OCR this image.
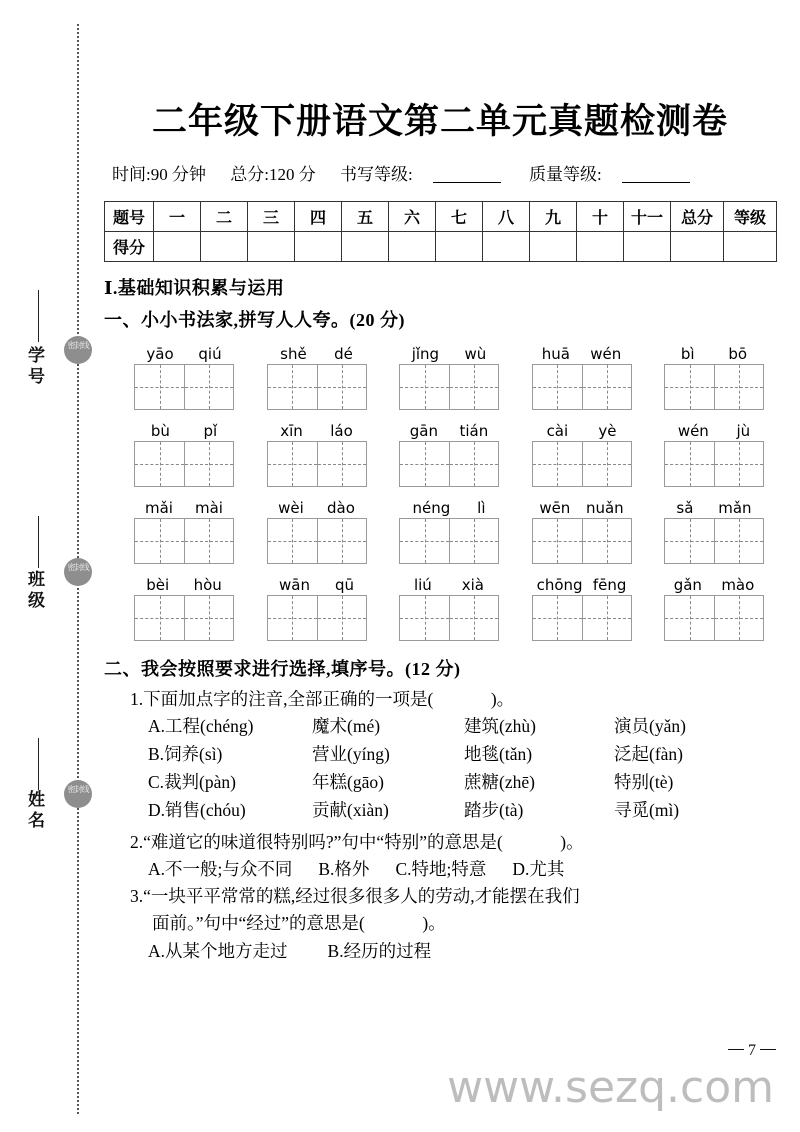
密封线
密封线
密封线
学号
班级
姓名
二年级下册语文第二单元真题检测卷
时间:90 分钟 总分:120 分 书写等级:	质量等级:
题号	一	二	三	四	五	六	七	八	九	十	十一	总分	等级
得分													
Ⅰ.基础知识积累与运用
一、小小书法家,拼写人人夸。(20 分)
yāo qiú	shě dé	jǐng wù	huā wén	bì bō
bù pǐ	xīn láo	gān tián	cài yè	wén jù
mǎi mài	wèi dào	néng lì	wēn nuǎn	sǎ mǎn
bèi hòu	wān qū	liú xià	chōng fēng	gǎn mào
二、我会按照要求进行选择,填序号。(12 分)
1.下面加点字的注音,全部正确的一项是(	)。
A.工程(chéng)	魔术(mé)	建筑(zhù)	演员(yǎn)
B.饲养(sì)	营业(yíng)	地毯(tǎn)	泛起(fàn)
C.裁判(pàn)	年糕(gāo)	蔗糖(zhē)	特别(tè)
D.销售(chóu)	贡献(xiàn)	踏步(tà)	寻觅(mì)
2.“难道它的味道很特别吗?”句中“特别”的意思是(	)。
A.不一般;与众不同 B.格外 C.特地;特意 D.尤其
3.“一块平平常常的糕,经过很多很多人的劳动,才能摆在我们
面前。”句中“经过”的意思是(	)。
A.从某个地方走过 B.经历的过程
7
www.sezq.com
